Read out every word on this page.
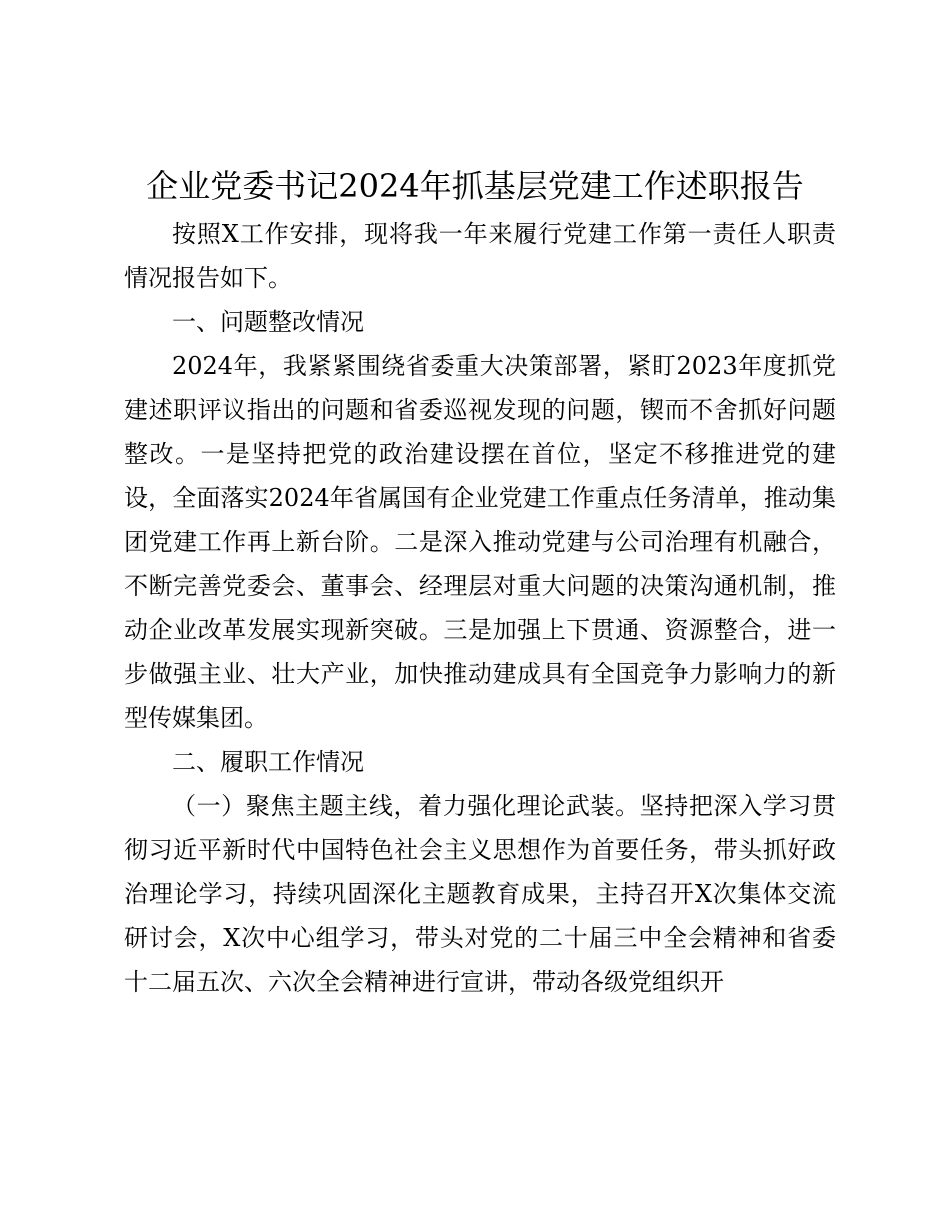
企业党委书记2024年抓基层党建工作述职报告

按照X工作安排，现将我一年来履行党建工作第一责任人职责情况报告如下。

一、问题整改情况

2024年，我紧紧围绕省委重大决策部署，紧盯2023年度抓党建述职评议指出的问题和省委巡视发现的问题，锲而不舍抓好问题整改。一是坚持把党的政治建设摆在首位，坚定不移推进党的建设，全面落实2024年省属国有企业党建工作重点任务清单，推动集团党建工作再上新台阶。二是深入推动党建与公司治理有机融合，不断完善党委会、董事会、经理层对重大问题的决策沟通机制，推动企业改革发展实现新突破。三是加强上下贯通、资源整合，进一步做强主业、壮大产业，加快推动建成具有全国竞争力影响力的新型传媒集团。

二、履职工作情况

（一）聚焦主题主线，着力强化理论武装。坚持把深入学习贯彻习近平新时代中国特色社会主义思想作为首要任务，带头抓好政治理论学习，持续巩固深化主题教育成果，主持召开X次集体交流研讨会，X次中心组学习，带头对党的二十届三中全会精神和省委十二届五次、六次全会精神进行宣讲，带动各级党组织开
